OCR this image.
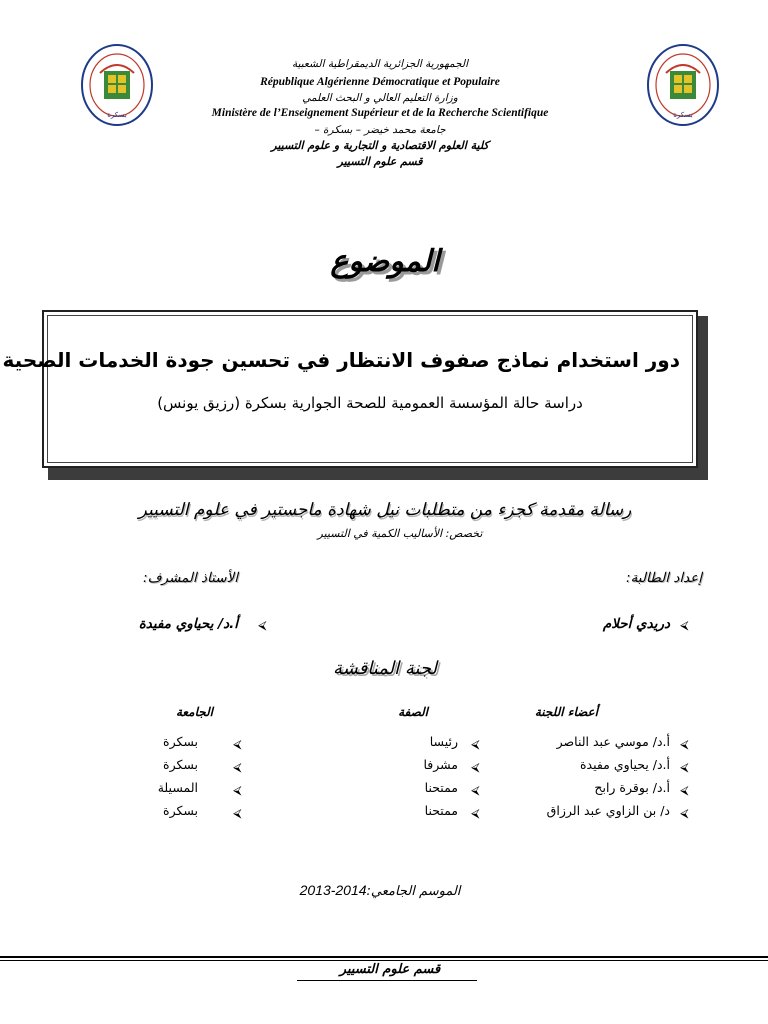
بسكرة	بسكرة
الجمهورية الجزائرية الديمقراطية الشعبية
République Algérienne Démocratique et Populaire
وزارة التعليم العالي و البحث العلمي
Ministère de l’Enseignement Supérieur et de la Recherche Scientifique
جامعة محمد خيضر – بسكرة –
كلية العلوم الاقتصادية و التجارية و علوم التسيير
قسم علوم التسيير
الموضوع
دور استخدام نماذج صفوف الانتظار في تحسين جودة الخدمات الصحية
دراسة حالة المؤسسة العمومية للصحة الجوارية بسكرة (رزيق يونس)
رسالة مقدمة كجزء من متطلبات نيل شهادة ماجستير في علوم التسيير
تخصص: الأساليب الكمية في التسيير
إعداد الطالبة:
الأستاذ المشرف:
⮘
دريدي أحلام
⮘
أ.د/ يحياوي مفيدة
لجنة المناقشة
أعضاء اللجنة
الصفة
الجامعة
⮘
أ.د/ موسي عبد الناصر
⮘
رئيسا
⮘
بسكرة
⮘
أ.د/ يحياوي مفيدة
⮘
مشرفا
⮘
بسكرة
⮘
أ.د/ بوقرة رابح
⮘
ممتحنا
⮘
المسيلة
⮘
د/ بن الزاوي عبد الرزاق
⮘
ممتحنا
⮘
بسكرة
الموسم الجامعي:2013-2014
قسم علوم التسيير
